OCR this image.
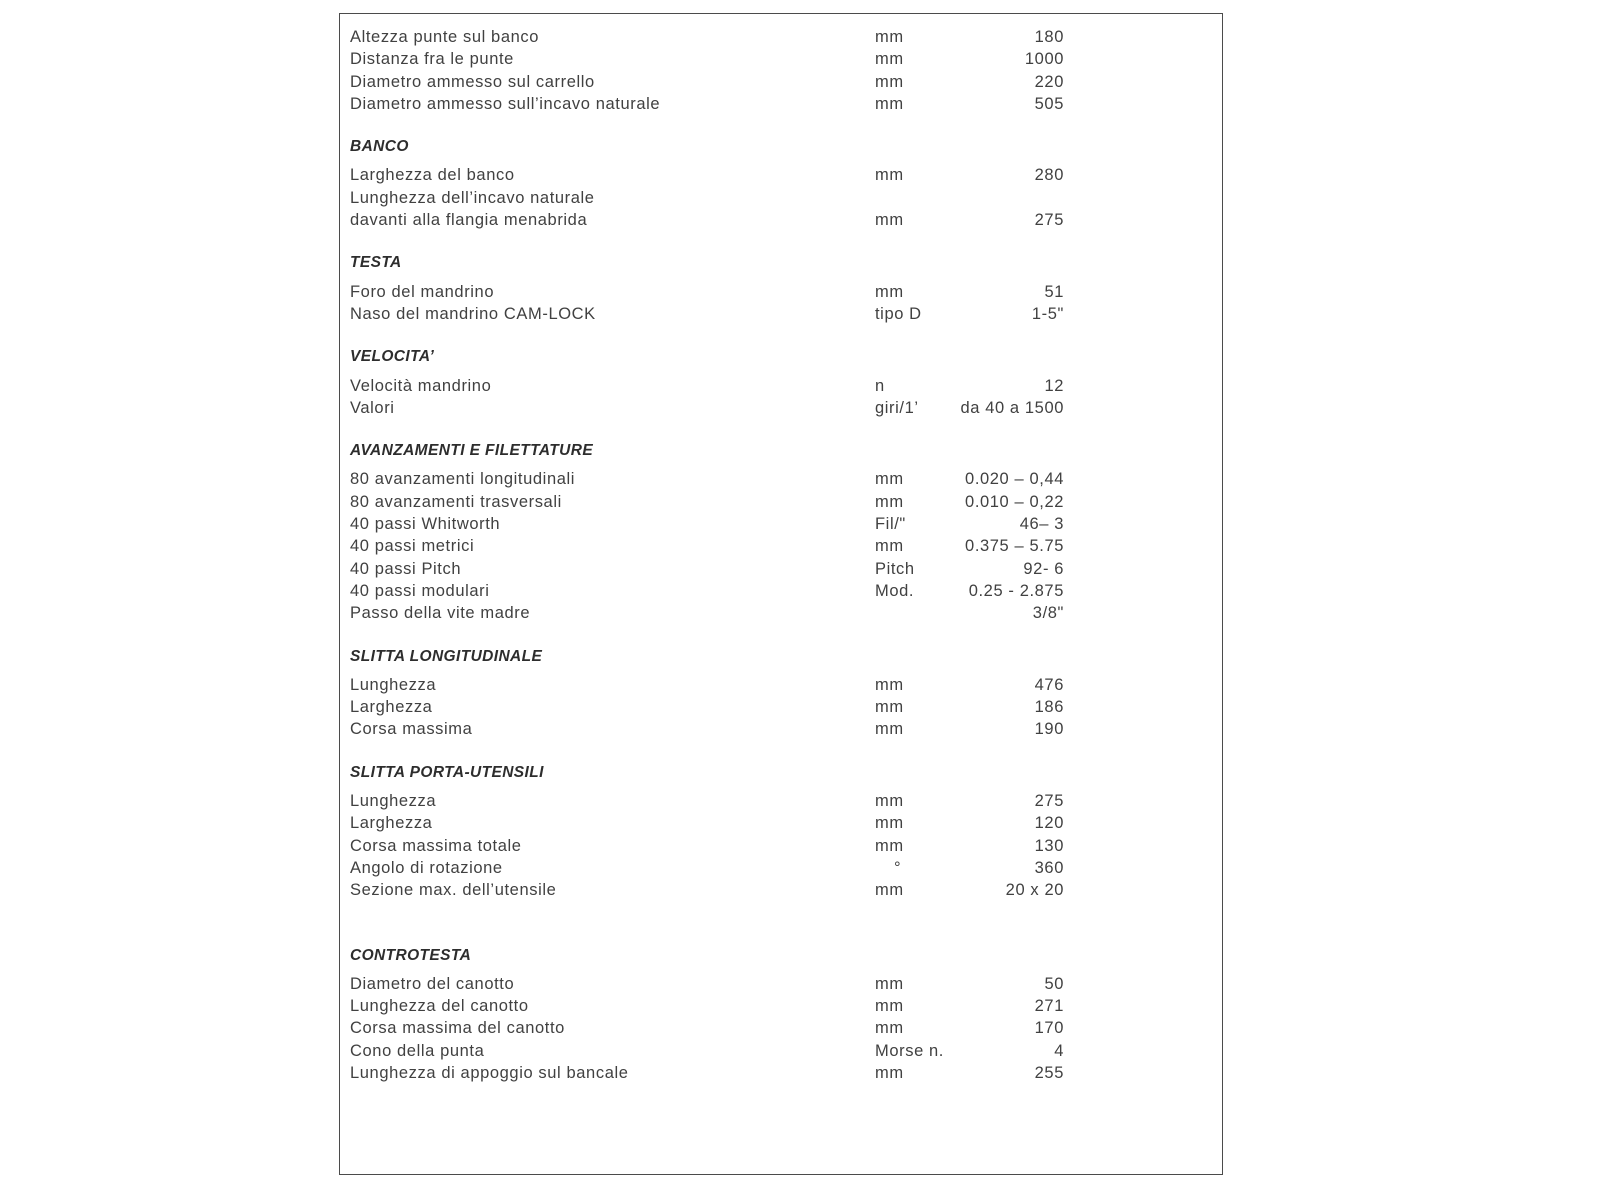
Altezza punte sul banco	mm	180
Distanza fra le punte	mm	1000
Diametro ammesso sul carrello	mm	220
Diametro ammesso sull’incavo naturale	mm	505
BANCO
Larghezza del banco	mm	280
Lunghezza dell’incavo naturale
davanti alla flangia menabrida	mm	275
TESTA
Foro del mandrino	mm	51
Naso del mandrino CAM-LOCK	tipo D	1-5"
VELOCITA’
Velocità mandrino	n	12
Valori	giri/1’	da 40 a 1500
AVANZAMENTI E FILETTATURE
80 avanzamenti longitudinali	mm	0.020 – 0,44
80 avanzamenti trasversali	mm	0.010 – 0,22
40 passi Whitworth	Fil/"	46– 3
40 passi metrici	mm	0.375 – 5.75
40 passi Pitch	Pitch	92- 6
40 passi modulari	Mod.	0.25 - 2.875
Passo della vite madre	3/8"
SLITTA LONGITUDINALE
Lunghezza	mm	476
Larghezza	mm	186
Corsa massima	mm	190
SLITTA PORTA-UTENSILI
Lunghezza	mm	275
Larghezza	mm	120
Corsa massima totale	mm	130
Angolo di rotazione	°	360
Sezione max. dell’utensile	mm	20 x 20
CONTROTESTA
Diametro del canotto	mm	50
Lunghezza del canotto	mm	271
Corsa massima del canotto	mm	170
Cono della punta	Morse n.	4
Lunghezza di appoggio sul bancale	mm	255
